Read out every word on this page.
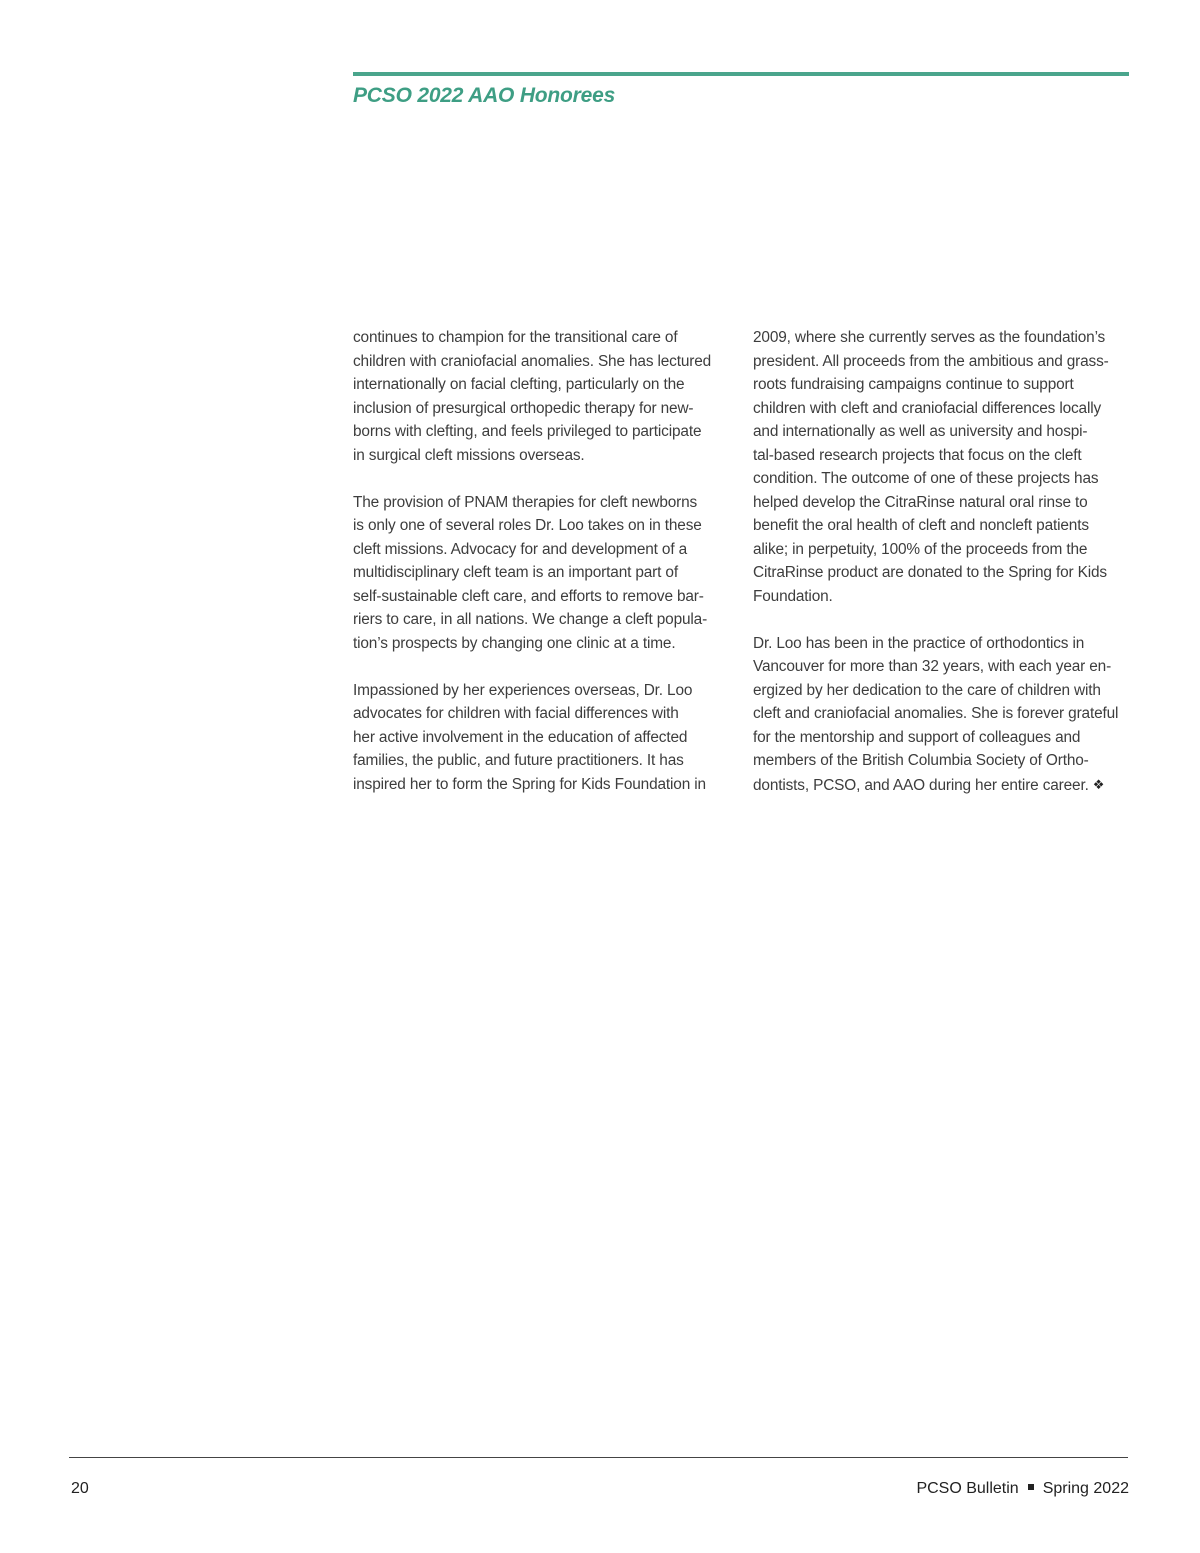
PCSO 2022 AAO Honorees

continues to champion for the transitional care of
children with craniofacial anomalies. She has lectured
internationally on facial clefting, particularly on the
inclusion of presurgical orthopedic therapy for new-
borns with clefting, and feels privileged to participate
in surgical cleft missions overseas.

The provision of PNAM therapies for cleft newborns
is only one of several roles Dr. Loo takes on in these
cleft missions. Advocacy for and development of a
multidisciplinary cleft team is an important part of
self-sustainable cleft care, and efforts to remove bar-
riers to care, in all nations. We change a cleft popula-
tion’s prospects by changing one clinic at a time.

Impassioned by her experiences overseas, Dr. Loo
advocates for children with facial differences with
her active involvement in the education of affected
families, the public, and future practitioners. It has
inspired her to form the Spring for Kids Foundation in

2009, where she currently serves as the foundation’s
president. All proceeds from the ambitious and grass-
roots fundraising campaigns continue to support
children with cleft and craniofacial differences locally
and internationally as well as university and hospi-
tal-based research projects that focus on the cleft
condition. The outcome of one of these projects has
helped develop the CitraRinse natural oral rinse to
benefit the oral health of cleft and noncleft patients
alike; in perpetuity, 100% of the proceeds from the
CitraRinse product are donated to the Spring for Kids
Foundation.

Dr. Loo has been in the practice of orthodontics in
Vancouver for more than 32 years, with each year en-
ergized by her dedication to the care of children with
cleft and craniofacial anomalies. She is forever grateful
for the mentorship and support of colleagues and
members of the British Columbia Society of Ortho-
dontists, PCSO, and AAO during her entire career. ❖

20	PCSO Bulletin Spring 2022
